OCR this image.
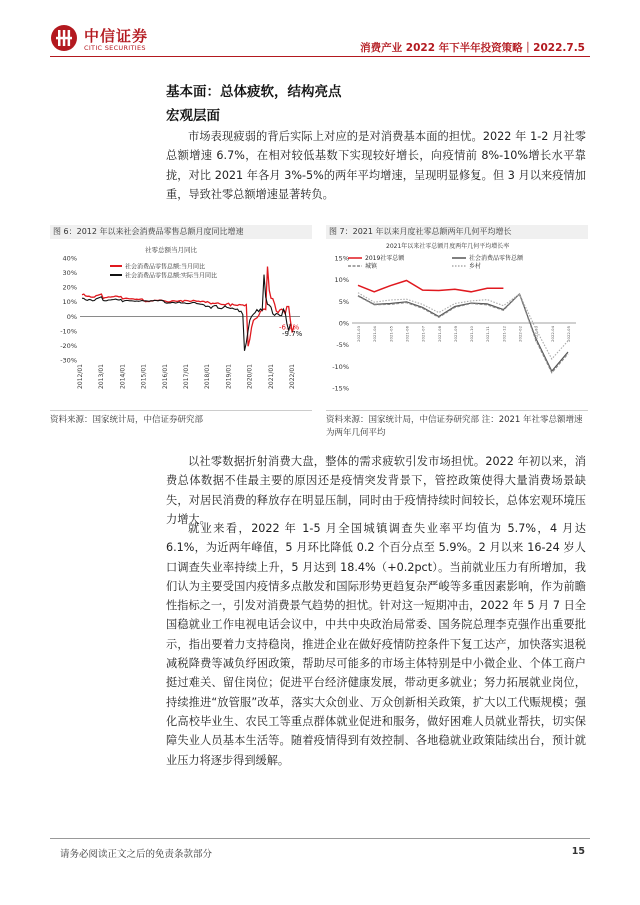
中信证券
CITIC SECURITIES	消费产业 2022 年下半年投资策略｜2022.7.5
基本面：总体疲软，结构亮点
宏观层面
市场表现疲弱的背后实际上对应的是对消费基本面的担忧。2022 年 1-2 月社零总额增速 6.7%，在相对较低基数下实现较好增长，向疫情前 8%-10%增长水平靠拢，对比 2021 年各月 3%-5%的两年平均增速，呈现明显修复。但 3 月以来疫情加重，导致社零总额增速显著转负。
图 6：2012 年以来社会消费品零售总额月度同比增速
社零总额当月同比
40%
30%
20%
10%
0%
-10%
-20%
-30%
2012/01 2013/01 2014/01 2015/01 2016/01 2017/01 2018/01 2019/01 2020/01 2021/01 2022/01
社会消费品零售总额:当月同比
社会消费品零售总额:实际当月同比
-6.7%
-9.7%
资料来源：国家统计局，中信证券研究部
图 7：2021 年以来月度社零总额两年几何平均增长
2021年以来社零总额月度两年几何平均增长率
15%
10%
5%
0%
-5%
-10%
-15%
2021-03	2021-04	2021-05	2021-06	2021-07	2021-08	2021-09	2021-10	2021-11	2021-12	2022-02	2022-03	2022-04	2022-05
2019社零总额	社会消费品零售总额
城镇	乡村
资料来源：国家统计局，中信证券研究部 注：2021 年社零总额增速为两年几何平均
以社零数据折射消费大盘，整体的需求疲软引发市场担忧。2022 年初以来，消费总体数据不佳最主要的原因还是疫情突发背景下，管控政策使得大量消费场景缺失，对居民消费的释放存在明显压制，同时由于疫情持续时间较长，总体宏观环境压力增大。
就业来看，2022 年 1-5 月全国城镇调查失业率平均值为 5.7%，4 月达 6.1%，为近两年峰值，5 月环比降低 0.2 个百分点至 5.9%。2 月以来 16-24 岁人口调查失业率持续上升，5 月达到 18.4%（+0.2pct）。当前就业压力有所增加，我们认为主要受国内疫情多点散发和国际形势更趋复杂严峻等多重因素影响，作为前瞻性指标之一，引发对消费景气趋势的担忧。针对这一短期冲击，2022 年 5 月 7 日全国稳就业工作电视电话会议中，中共中央政治局常委、国务院总理李克强作出重要批示，指出要着力支持稳岗，推进企业在做好疫情防控条件下复工达产，加快落实退税减税降费等减负纾困政策，帮助尽可能多的市场主体特别是中小微企业、个体工商户挺过难关、留住岗位；促进平台经济健康发展，带动更多就业；努力拓展就业岗位，持续推进“放管服”改革，落实大众创业、万众创新相关政策，扩大以工代赈规模；强化高校毕业生、农民工等重点群体就业促进和服务，做好困难人员就业帮扶，切实保障失业人员基本生活等。随着疫情得到有效控制、各地稳就业政策陆续出台，预计就业压力将逐步得到缓解。
请务必阅读正文之后的免责条款部分	15
